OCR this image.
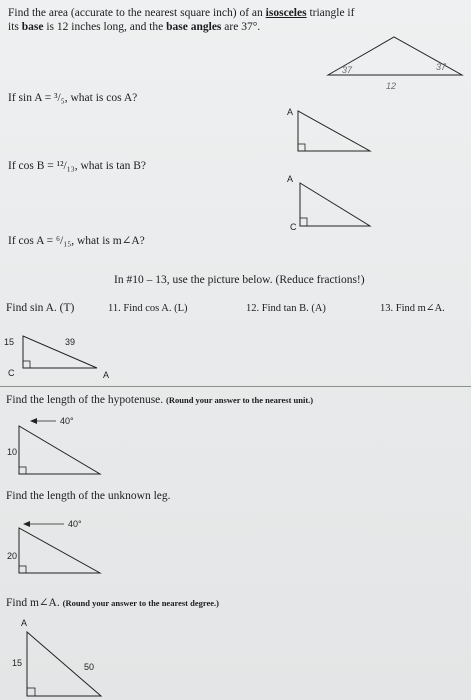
Find the area (accurate to the nearest square inch) of an isosceles triangle if
its base is 12 inches long, and the base angles are 37°.
37	37
12
If sin A = ³/₅, what is cos A?
A
If cos B = ¹²/₁₃, what is tan B?
A
C
If cos A = ⁶/₁₅, what is m∠A?
In #10 – 13, use the picture below. (Reduce fractions!)
Find sin A. (T)	11. Find cos A. (L)	12. Find tan B. (A)	13. Find m∠A.
15	39
C	A
Find the length of the hypotenuse. (Round your answer to the nearest unit.)
40°
10
Find the length of the unknown leg.
40°
20
Find m∠A. (Round your answer to the nearest degree.)
A
15	50
